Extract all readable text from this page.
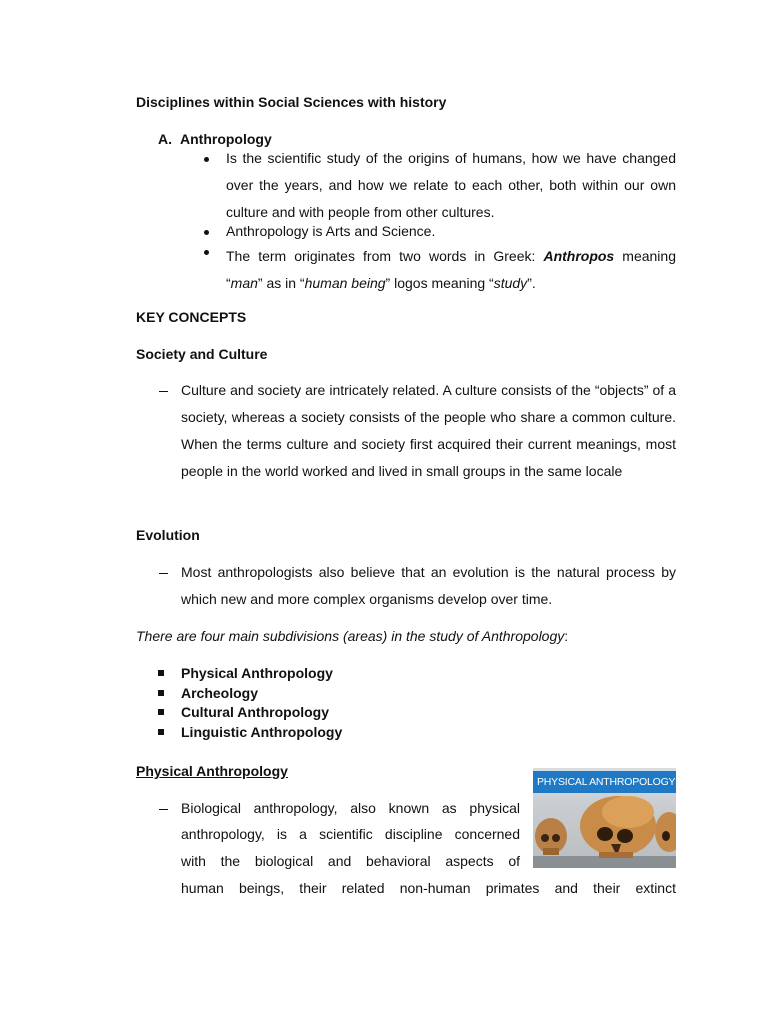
Disciplines within Social Sciences with history
A. Anthropology
Is the scientific study of the origins of humans, how we have changed over the years, and how we relate to each other, both within our own culture and with people from other cultures.
Anthropology is Arts and Science.
The term originates from two words in Greek: Anthropos meaning “man” as in “human being” logos meaning “study”.
KEY CONCEPTS
Society and Culture
Culture and society are intricately related. A culture consists of the “objects” of a society, whereas a society consists of the people who share a common culture. When the terms culture and society first acquired their current meanings, most people in the world worked and lived in small groups in the same locale
Evolution
Most anthropologists also believe that an evolution is the natural process by which new and more complex organisms develop over time.
There are four main subdivisions (areas) in the study of Anthropology:
Physical Anthropology
Archeology
Cultural Anthropology
Linguistic Anthropology
Physical Anthropology
PHYSICAL ANTHROPOLOGY
Biological anthropology, also known as physical
anthropology, is a scientific discipline concerned
with the biological and behavioral aspects of
human beings, their related non-human primates and their extinct
